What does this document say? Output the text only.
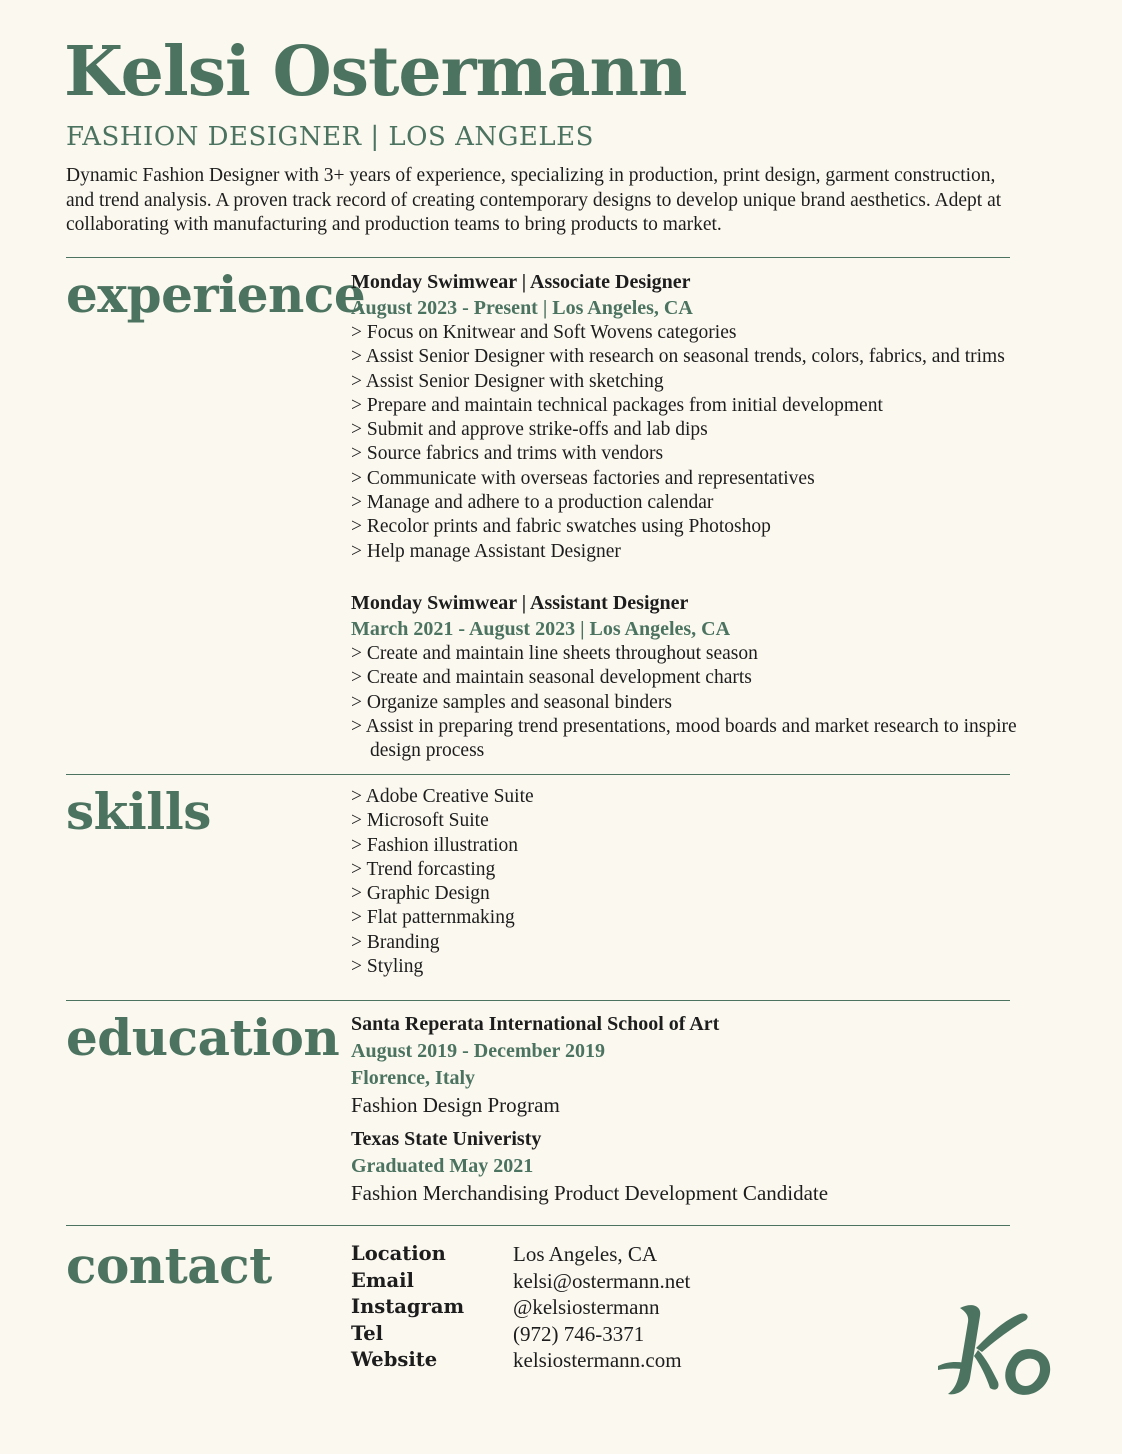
Kelsi Ostermann
FASHION DESIGNER | LOS ANGELES

Dynamic Fashion Designer with 3+ years of experience, specializing in production, print design, garment construction, and trend analysis. A proven track record of creating contemporary designs to develop unique brand aesthetics. Adept at collaborating with manufacturing and production teams to bring products to market.

experience
Monday Swimwear | Associate Designer
August 2023 - Present | Los Angeles, CA
> Focus on Knitwear and Soft Wovens categories
> Assist Senior Designer with research on seasonal trends, colors, fabrics, and trims
> Assist Senior Designer with sketching
> Prepare and maintain technical packages from initial development
> Submit and approve strike-offs and lab dips
> Source fabrics and trims with vendors
> Communicate with overseas factories and representatives
> Manage and adhere to a production calendar
> Recolor prints and fabric swatches using Photoshop
> Help manage Assistant Designer
Monday Swimwear | Assistant Designer
March 2021 - August 2023 | Los Angeles, CA
> Create and maintain line sheets throughout season
> Create and maintain seasonal development charts
> Organize samples and seasonal binders
> Assist in preparing trend presentations, mood boards and market research to inspire design process
skills	> Adobe Creative Suite
> Microsoft Suite
> Fashion illustration
> Trend forcasting
> Graphic Design
> Flat patternmaking
> Branding
> Styling
education Santa Reperata International School of Art
August 2019 - December 2019
Florence, Italy
Fashion Design Program
Texas State Univeristy
Graduated May 2021
Fashion Merchandising Product Development Candidate
contact	Location	Los Angeles, CA
Email	kelsi@ostermann.net
Instagram	@kelsiostermann
Tel	(972) 746-3371
Website	kelsiostermann.com
